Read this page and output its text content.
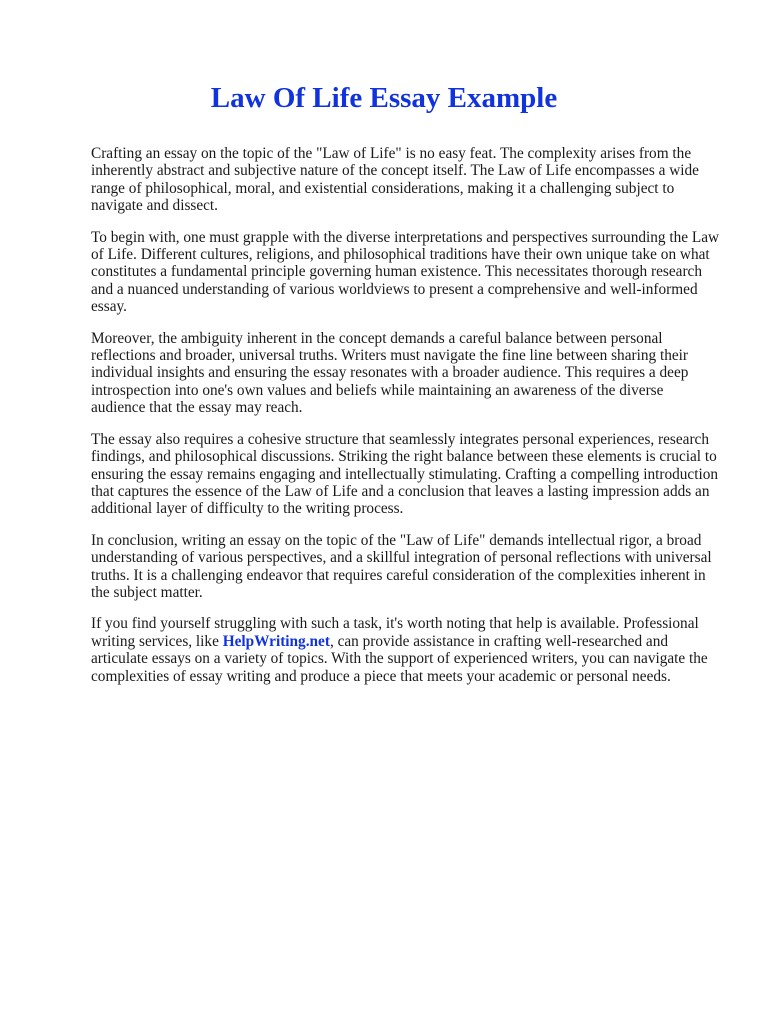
Law Of Life Essay Example

Crafting an essay on the topic of the "Law of Life" is no easy feat. The complexity arises from the inherently abstract and subjective nature of the concept itself. The Law of Life encompasses a wide range of philosophical, moral, and existential considerations, making it a challenging subject to navigate and dissect.

To begin with, one must grapple with the diverse interpretations and perspectives surrounding the Law of Life. Different cultures, religions, and philosophical traditions have their own unique take on what constitutes a fundamental principle governing human existence. This necessitates thorough research and a nuanced understanding of various worldviews to present a comprehensive and well-informed essay.

Moreover, the ambiguity inherent in the concept demands a careful balance between personal reflections and broader, universal truths. Writers must navigate the fine line between sharing their individual insights and ensuring the essay resonates with a broader audience. This requires a deep introspection into one's own values and beliefs while maintaining an awareness of the diverse audience that the essay may reach.

The essay also requires a cohesive structure that seamlessly integrates personal experiences, research findings, and philosophical discussions. Striking the right balance between these elements is crucial to ensuring the essay remains engaging and intellectually stimulating. Crafting a compelling introduction that captures the essence of the Law of Life and a conclusion that leaves a lasting impression adds an additional layer of difficulty to the writing process.

In conclusion, writing an essay on the topic of the "Law of Life" demands intellectual rigor, a broad understanding of various perspectives, and a skillful integration of personal reflections with universal truths. It is a challenging endeavor that requires careful consideration of the complexities inherent in the subject matter.

If you find yourself struggling with such a task, it's worth noting that help is available. Professional writing services, like HelpWriting.net, can provide assistance in crafting well-researched and articulate essays on a variety of topics. With the support of experienced writers, you can navigate the complexities of essay writing and produce a piece that meets your academic or personal needs.
